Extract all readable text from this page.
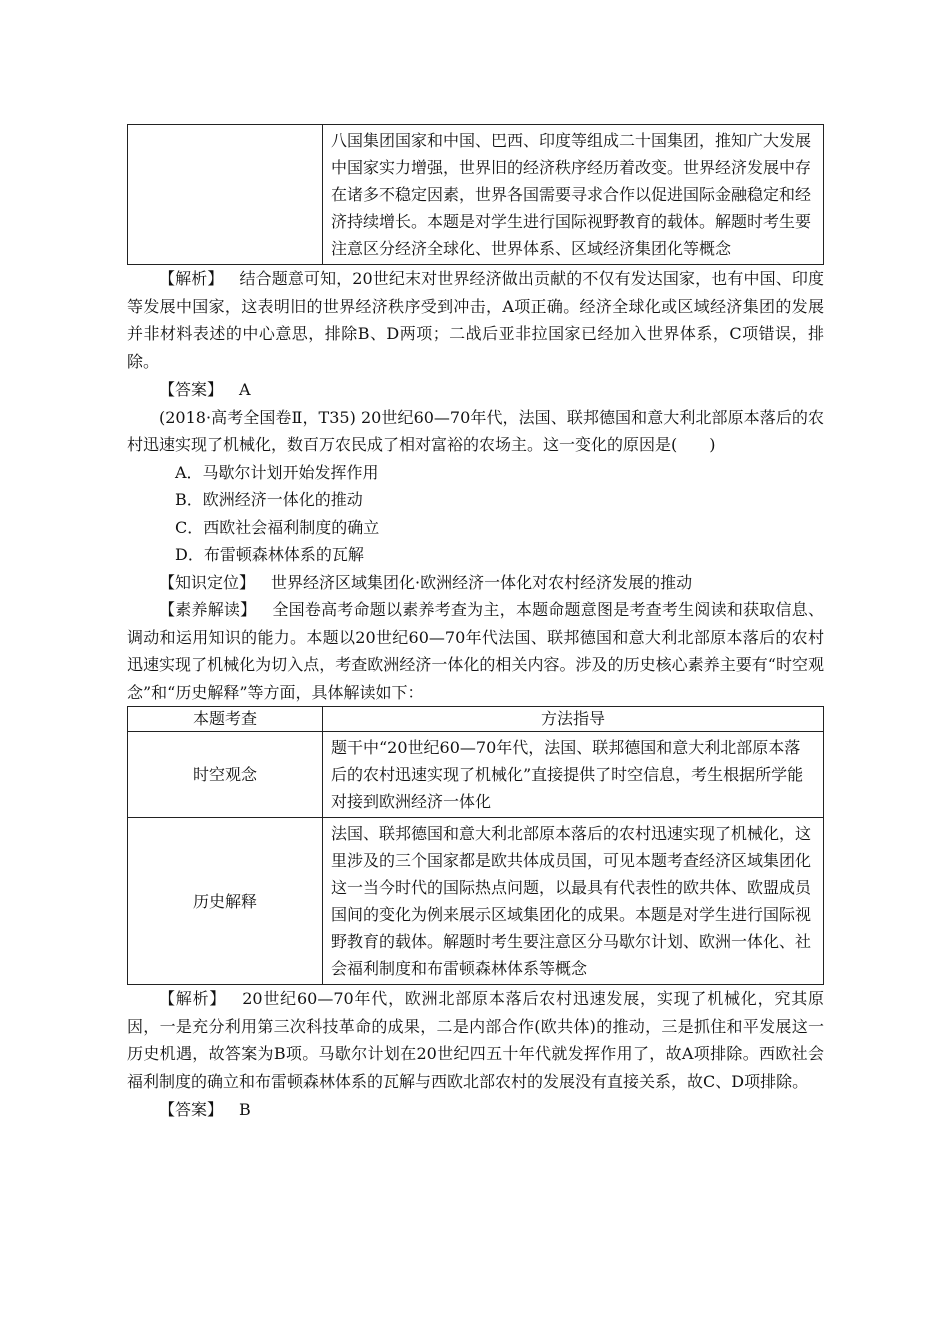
	八国集团国家和中国、巴西、印度等组成二十国集团，推知广大发展中国家实力增强，世界旧的经济秩序经历着改变。世界经济发展中存在诸多不稳定因素，世界各国需要寻求合作以促进国际金融稳定和经济持续增长。本题是对学生进行国际视野教育的载体。解题时考生要注意区分经济全球化、世界体系、区域经济集团化等概念

【解析】 结合题意可知，20世纪末对世界经济做出贡献的不仅有发达国家，也有中国、印度等发展中国家，这表明旧的世界经济秩序受到冲击，A项正确。经济全球化或区域经济集团的发展并非材料表述的中心意思，排除B、D两项；二战后亚非拉国家已经加入世界体系，C项错误，排除。

【答案】 A

(2018·高考全国卷Ⅱ，T35) 20世纪60—70年代，法国、联邦德国和意大利北部原本落后的农村迅速实现了机械化，数百万农民成了相对富裕的农场主。这一变化的原因是(　　)

A．马歇尔计划开始发挥作用

B．欧洲经济一体化的推动

C．西欧社会福利制度的确立

D．布雷顿森林体系的瓦解

【知识定位】 世界经济区域集团化·欧洲经济一体化对农村经济发展的推动

【素养解读】 全国卷高考命题以素养考查为主，本题命题意图是考查考生阅读和获取信息、调动和运用知识的能力。本题以20世纪60—70年代法国、联邦德国和意大利北部原本落后的农村迅速实现了机械化为切入点，考查欧洲经济一体化的相关内容。涉及的历史核心素养主要有“时空观念”和“历史解释”等方面，具体解读如下：

本题考查	方法指导
时空观念	题干中“20世纪60—70年代，法国、联邦德国和意大利北部原本落后的农村迅速实现了机械化”直接提供了时空信息，考生根据所学能对接到欧洲经济一体化
历史解释	法国、联邦德国和意大利北部原本落后的农村迅速实现了机械化，这里涉及的三个国家都是欧共体成员国，可见本题考查经济区域集团化这一当今时代的国际热点问题，以最具有代表性的欧共体、欧盟成员国间的变化为例来展示区域集团化的成果。本题是对学生进行国际视野教育的载体。解题时考生要注意区分马歇尔计划、欧洲一体化、社会福利制度和布雷顿森林体系等概念

【解析】 20世纪60—70年代，欧洲北部原本落后农村迅速发展，实现了机械化，究其原因，一是充分利用第三次科技革命的成果，二是内部合作(欧共体)的推动，三是抓住和平发展这一历史机遇，故答案为B项。马歇尔计划在20世纪四五十年代就发挥作用了，故A项排除。西欧社会福利制度的确立和布雷顿森林体系的瓦解与西欧北部农村的发展没有直接关系，故C、D项排除。

【答案】 B
